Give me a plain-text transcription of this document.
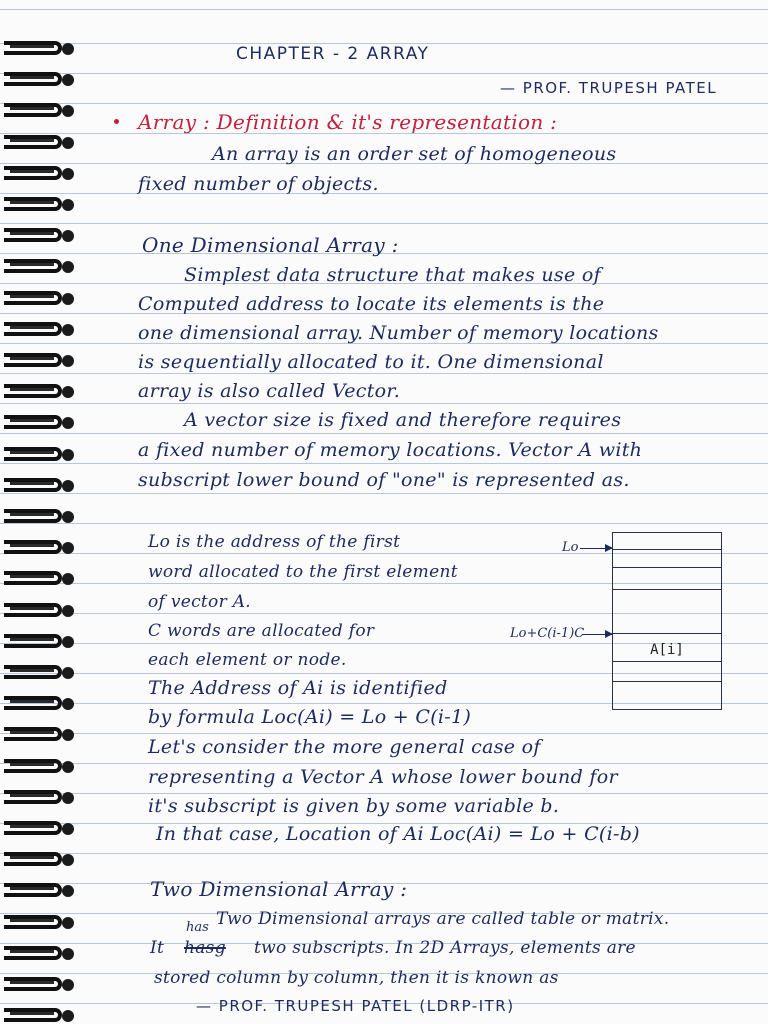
CHAPTER - 2 ARRAY
— PROF. TRUPESH PATEL
Array : Definition & it's representation :
An array is an order set of homogeneous
fixed number of objects.
One Dimensional Array :
Simplest data structure that makes use of
Computed address to locate its elements is the
one dimensional array. Number of memory locations
is sequentially allocated to it. One dimensional
array is also called Vector.
A vector size is fixed and therefore requires
a fixed number of memory locations. Vector A with
subscript lower bound of "one" is represented as.
Lo is the address of the first
word allocated to the first element
of vector A.
C words are allocated for
each element or node.
The Address of Ai is identified
by formula Loc(Ai) = Lo + C(i-1)
Let's consider the more general case of
representing a Vector A whose lower bound for
it's subscript is given by some variable b.
In that case, Location of Ai Loc(Ai) = Lo + C(i-b)
A[i]
Lo
Lo+C(i-1)C
Two Dimensional Array :
has Two Dimensional arrays are called table or matrix.
It hasg two subscripts. In 2D Arrays, elements are
stored column by column, then it is known as
— PROF. TRUPESH PATEL (LDRP-ITR)
